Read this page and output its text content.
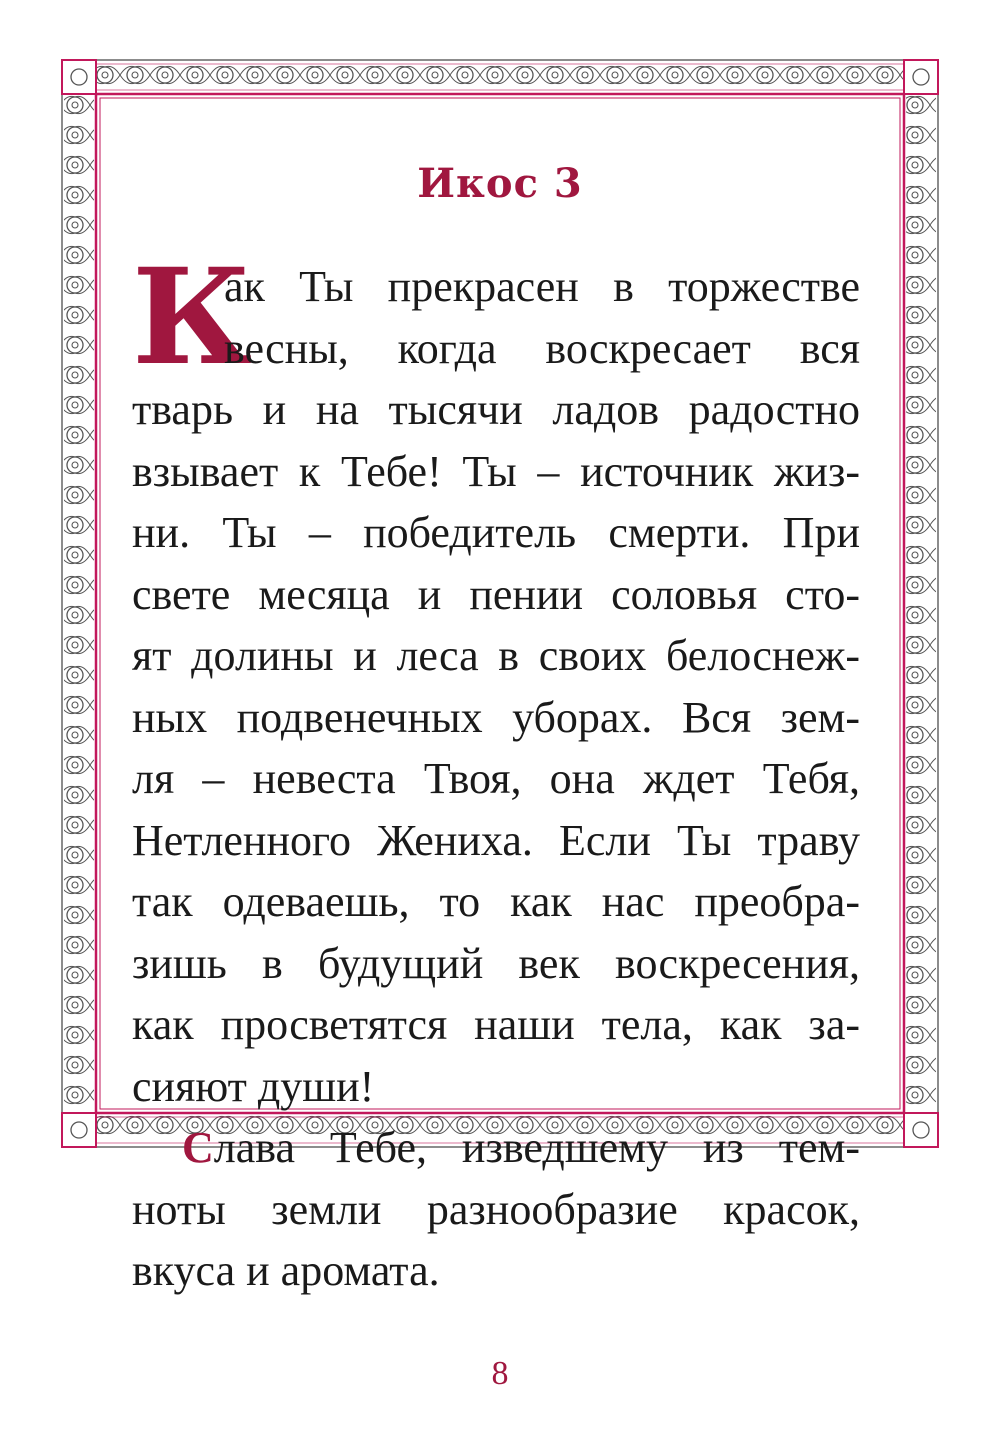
Икос 3
К
ак Ты прекрасен в торжестве
весны, когда воскресает вся
тварь и на тысячи ладов радостно
взывает к Тебе! Ты – источник жиз-
ни. Ты – победитель смерти. При
свете месяца и пении соловья сто-
ят долины и леса в своих белоснеж-
ных подвенечных уборах. Вся зем-
ля – невеста Твоя, она ждет Тебя,
Нетленного Жениха. Если Ты траву
так одеваешь, то как нас преобра-
зишь в будущий век воскресения,
как просветятся наши тела, как за-
сияют души!
Слава Тебе, изведшему из тем-
ноты земли разнообразие красок,
вкуса и аромата.
8
